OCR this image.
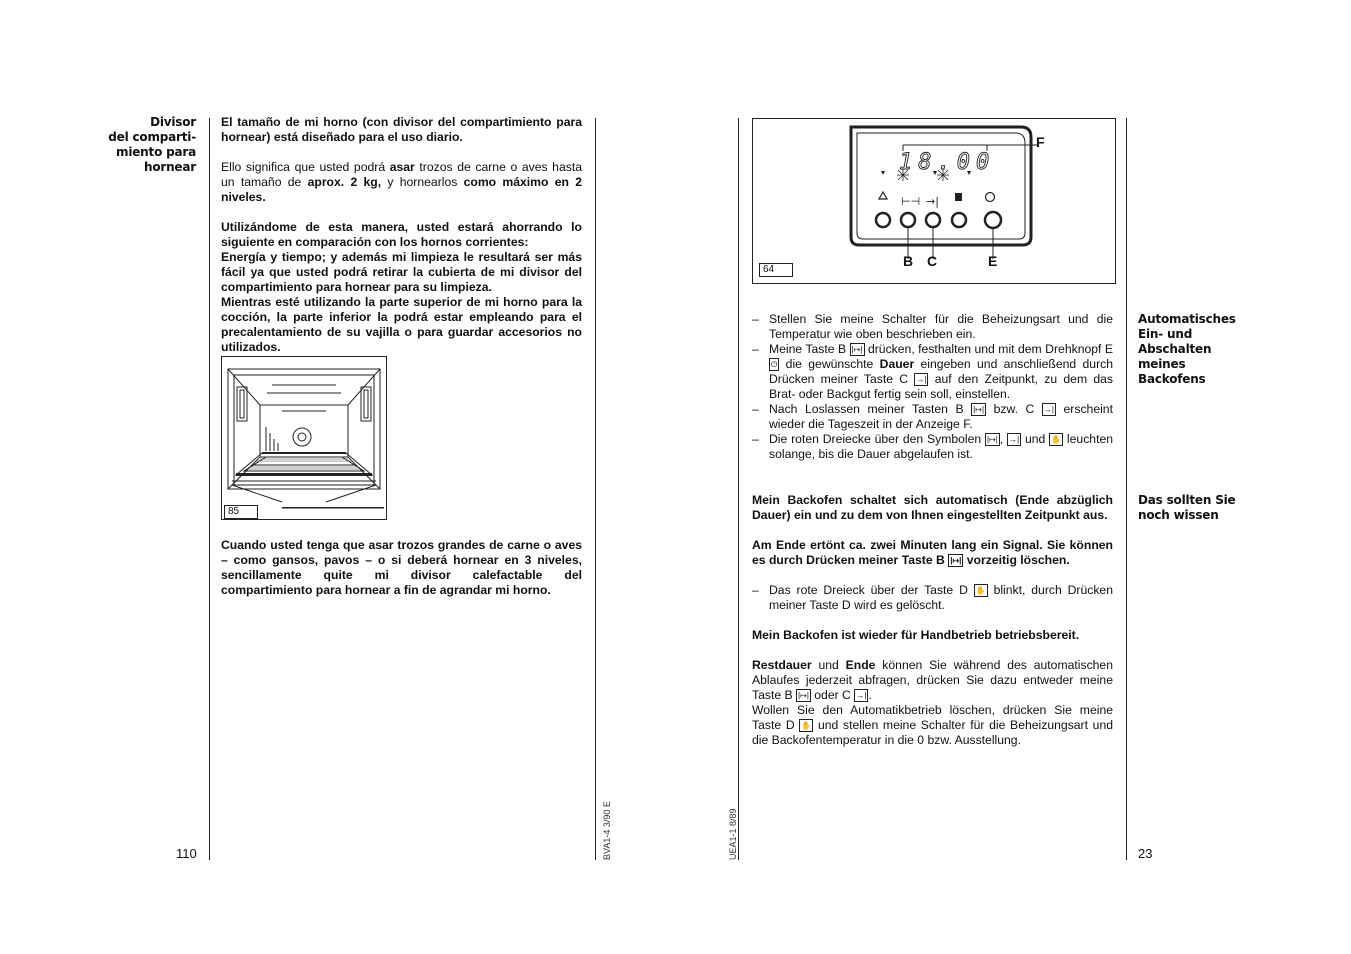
Divisor
del comparti-
miento para
hornear

El tamaño de mi horno (con divisor del compartimiento para hornear) está diseñado para el uso diario.

Ello significa que usted podrá asar trozos de carne o aves hasta un tamaño de aprox. 2 kg, y hornearlos como máximo en 2 niveles.

Utilizándome de esta manera, usted estará ahorrando lo siguiente en comparación con los hornos corrientes:

Energía y tiempo; y además mi limpieza le resultará ser más fácil ya que usted podrá retirar la cubierta de mi divisor del compartimiento para hornear para su limpieza.

Mientras esté utilizando la parte superior de mi horno para la cocción, la parte inferior la podrá estar empleando para el precalentamiento de su vajilla o para guardar accesorios no utilizados.

85

Cuando usted tenga que asar trozos grandes de carne o aves – como gansos, pavos – o si deberá hornear en 3 niveles, sencillamente quite mi divisor calefactable del compartimiento para hornear a fin de agrandar mi horno.

110	BVA1-4 3/90 E
18.00
⊢⊣ →|
F
B C	E
64
Automatisches
Ein- und
Abschalten
meines
Backofens
Das sollten Sie
noch wissen

– Stellen Sie meine Schalter für die Beheizungsart und die Temperatur wie oben beschrieben ein.

– Meine Taste B |↦| drücken, festhalten und mit dem Drehknopf E ⏻ die gewünschte Dauer eingeben und anschließend durch Drücken meiner Taste C →| auf den Zeitpunkt, zu dem das Brat- oder Backgut fertig sein soll, einstellen.

– Nach Loslassen meiner Tasten B |↦| bzw. C →| erscheint wieder die Tageszeit in der Anzeige F.

– Die roten Dreiecke über den Symbolen |↦| , →| und ✋ leuchten solange, bis die Dauer abgelaufen ist.

Mein Backofen schaltet sich automatisch (Ende abzüglich Dauer) ein und zu dem von Ihnen eingestellten Zeitpunkt aus.

Am Ende ertönt ca. zwei Minuten lang ein Signal. Sie können es durch Drücken meiner Taste B |↦| vorzeitig löschen.

– Das rote Dreieck über der Taste D ✋ blinkt, durch Drücken meiner Taste D wird es gelöscht.

Mein Backofen ist wieder für Handbetrieb betriebsbereit.

Restdauer und Ende können Sie während des automatischen Ablaufes jederzeit abfragen, drücken Sie dazu entweder meine Taste B |↦| oder C →| .

Wollen Sie den Automatikbetrieb löschen, drücken Sie meine Taste D ✋ und stellen meine Schalter für die Beheizungsart und die Backofentemperatur in die 0 bzw. Ausstellung.

23
UEA1-1 8/89
